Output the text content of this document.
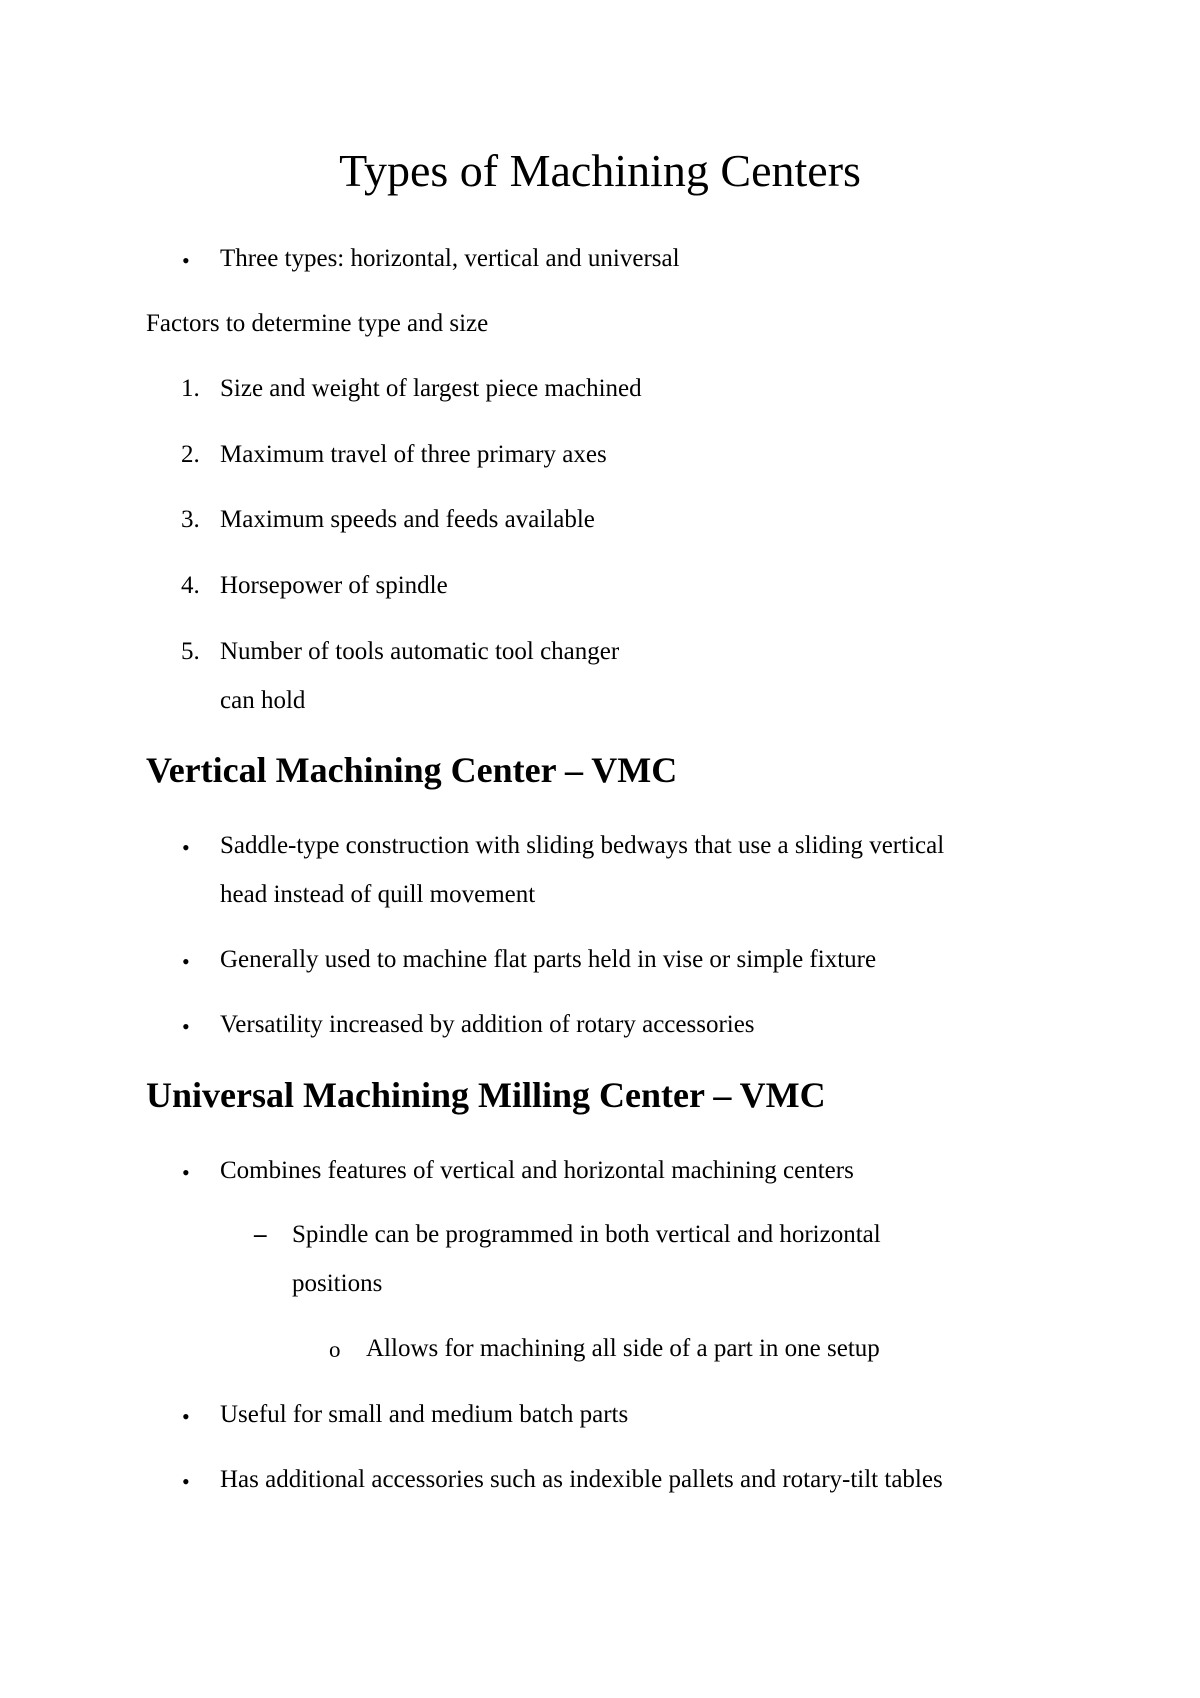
Types of Machining Centers
• Three types: horizontal, vertical and universal
Factors to determine type and size
1. Size and weight of largest piece machined
2. Maximum travel of three primary axes
3. Maximum speeds and feeds available
4. Horsepower of spindle
5. Number of tools automatic tool changer
can hold
Vertical Machining Center – VMC
• Saddle-type construction with sliding bedways that use a sliding vertical
head instead of quill movement
• Generally used to machine flat parts held in vise or simple fixture
• Versatility increased by addition of rotary accessories
Universal Machining Milling Center – VMC
• Combines features of vertical and horizontal machining centers
– Spindle can be programmed in both vertical and horizontal
positions
o Allows for machining all side of a part in one setup
• Useful for small and medium batch parts
• Has additional accessories such as indexible pallets and rotary-tilt tables
